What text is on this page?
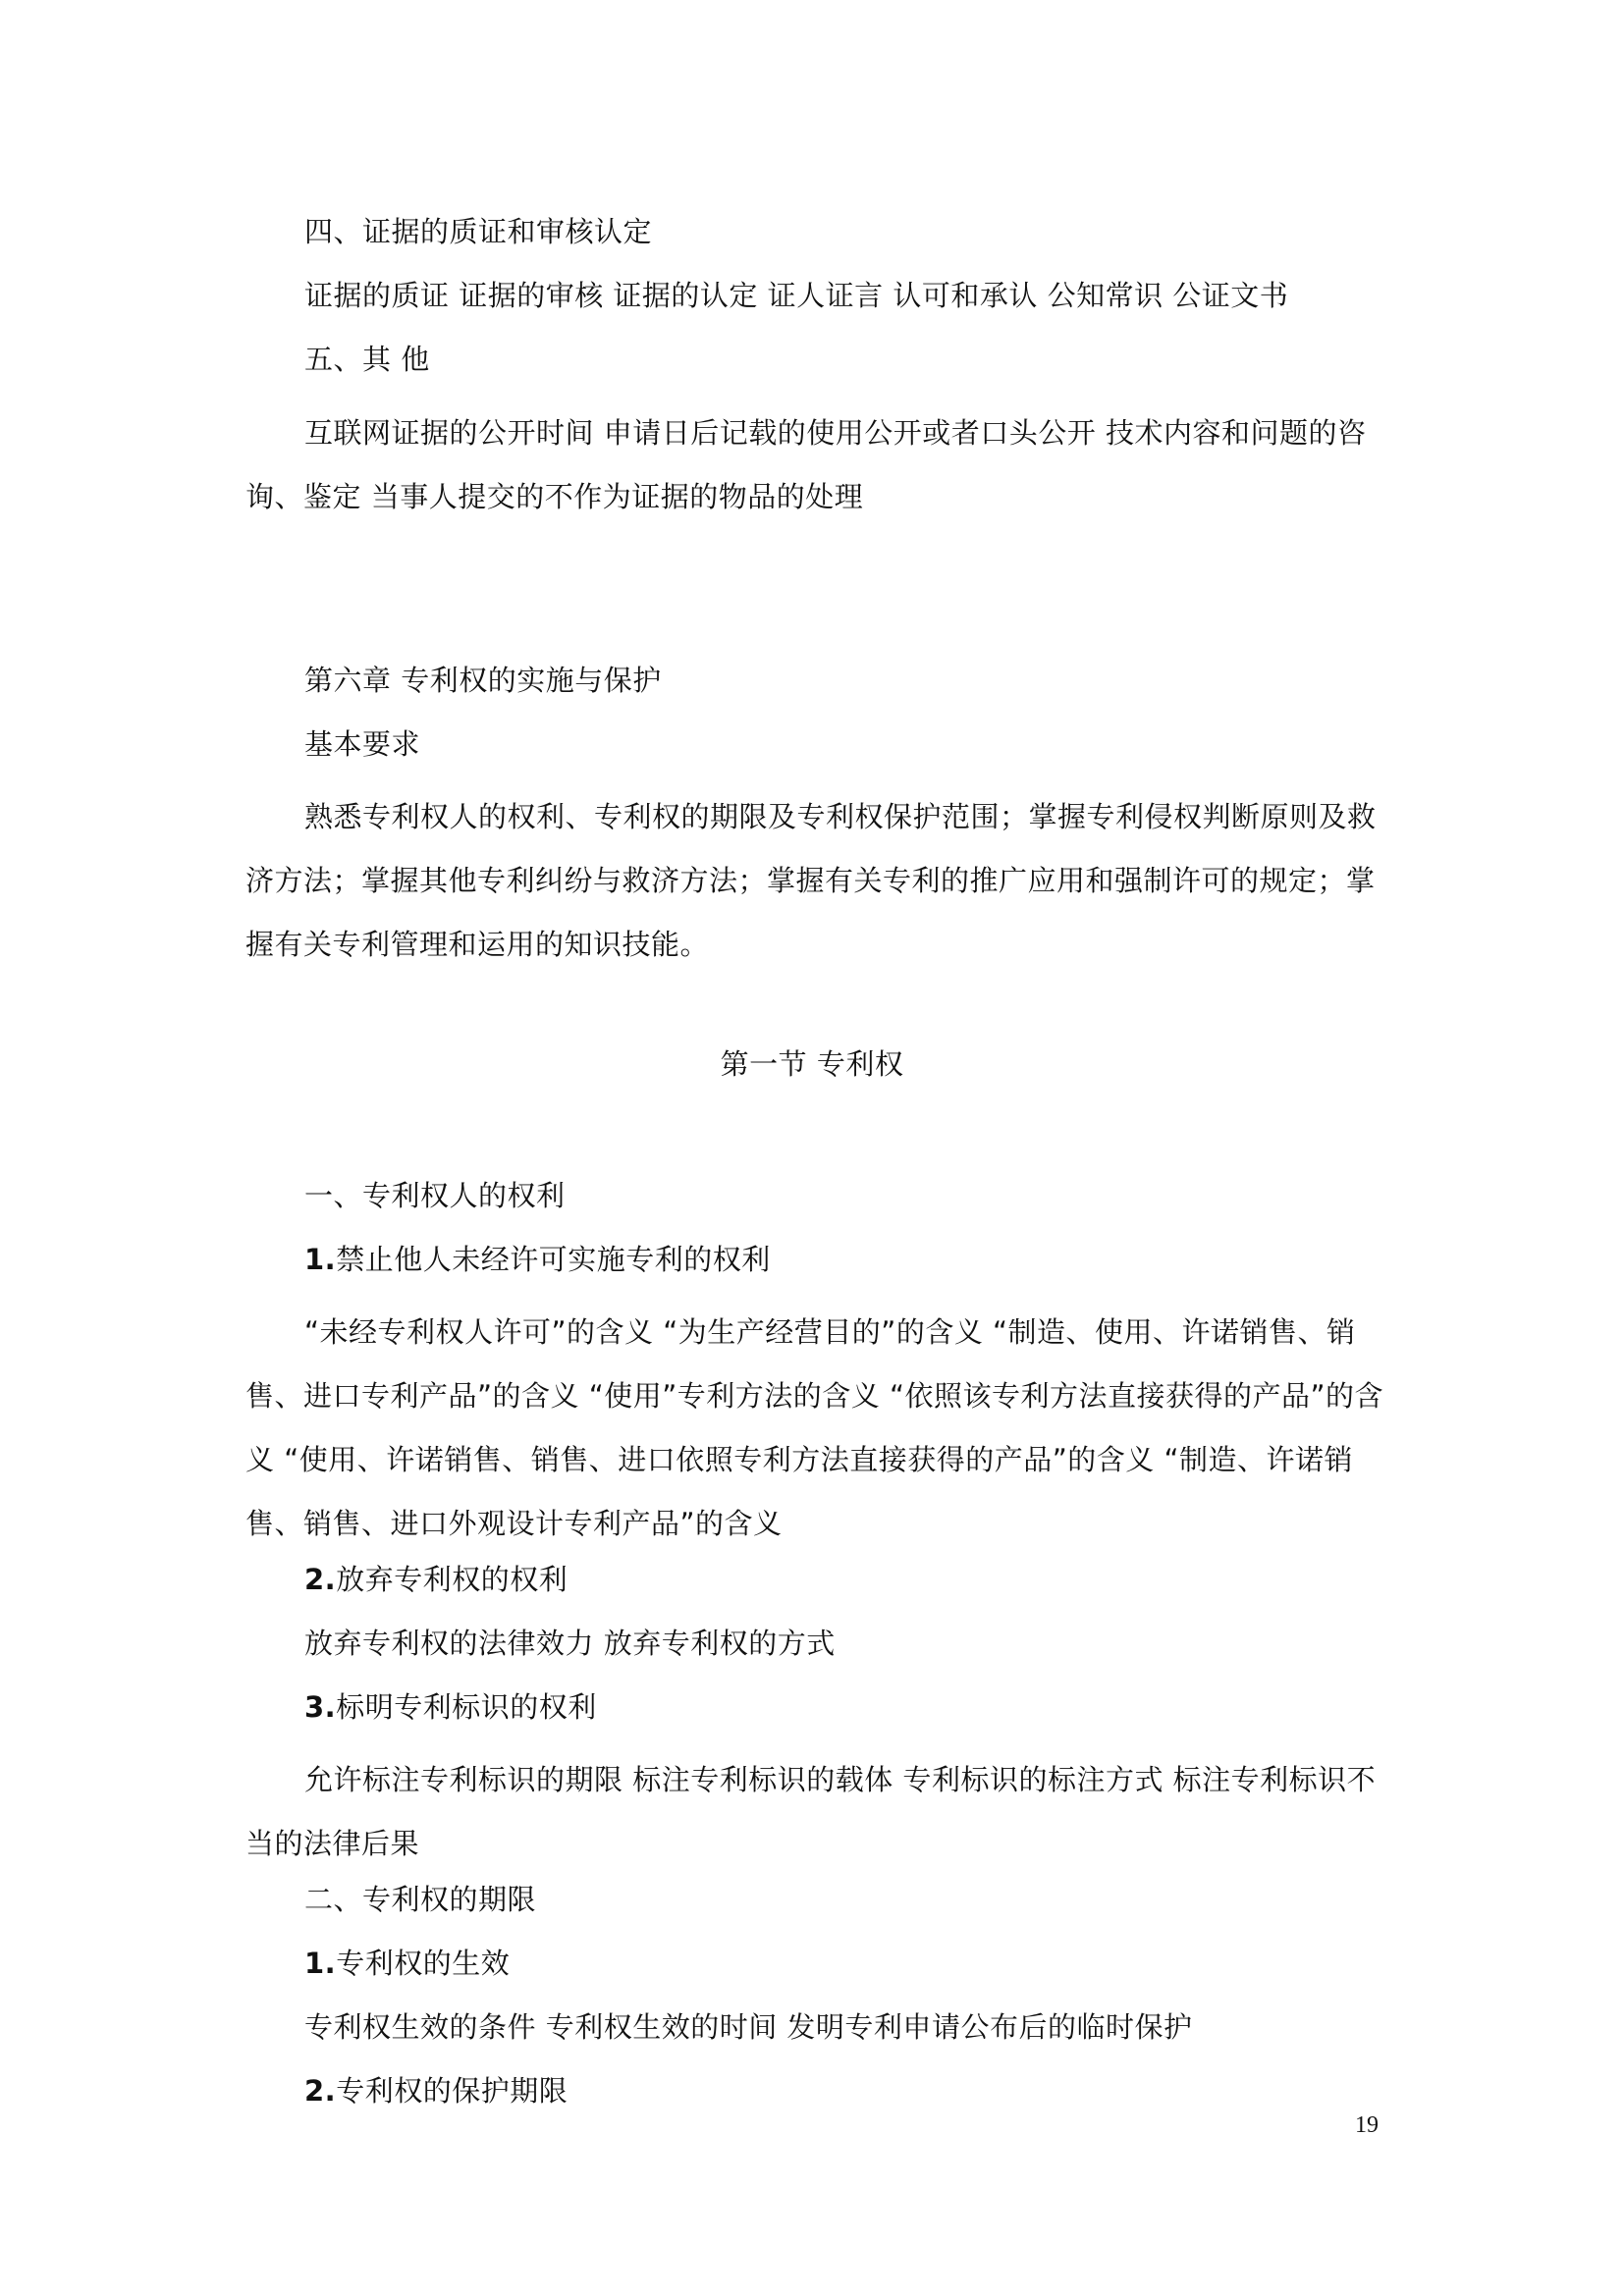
四、证据的质证和审核认定
证据的质证 证据的审核 证据的认定 证人证言 认可和承认 公知常识 公证文书
五、其 他
互联网证据的公开时间 申请日后记载的使用公开或者口头公开 技术内容和问题的咨询、鉴定 当事人提交的不作为证据的物品的处理
第六章 专利权的实施与保护
基本要求
熟悉专利权人的权利、专利权的期限及专利权保护范围；掌握专利侵权判断原则及救济方法；掌握其他专利纠纷与救济方法；掌握有关专利的推广应用和强制许可的规定；掌握有关专利管理和运用的知识技能。
第一节 专利权
一、专利权人的权利
1.禁止他人未经许可实施专利的权利
“未经专利权人许可”的含义 “为生产经营目的”的含义 “制造、使用、许诺销售、销售、进口专利产品”的含义 “使用”专利方法的含义 “依照该专利方法直接获得的产品”的含义 “使用、许诺销售、销售、进口依照专利方法直接获得的产品”的含义 “制造、许诺销售、销售、进口外观设计专利产品”的含义
2.放弃专利权的权利
放弃专利权的法律效力 放弃专利权的方式
3.标明专利标识的权利
允许标注专利标识的期限 标注专利标识的载体 专利标识的标注方式 标注专利标识不当的法律后果
二、专利权的期限
1.专利权的生效
专利权生效的条件 专利权生效的时间 发明专利申请公布后的临时保护
2.专利权的保护期限
19
